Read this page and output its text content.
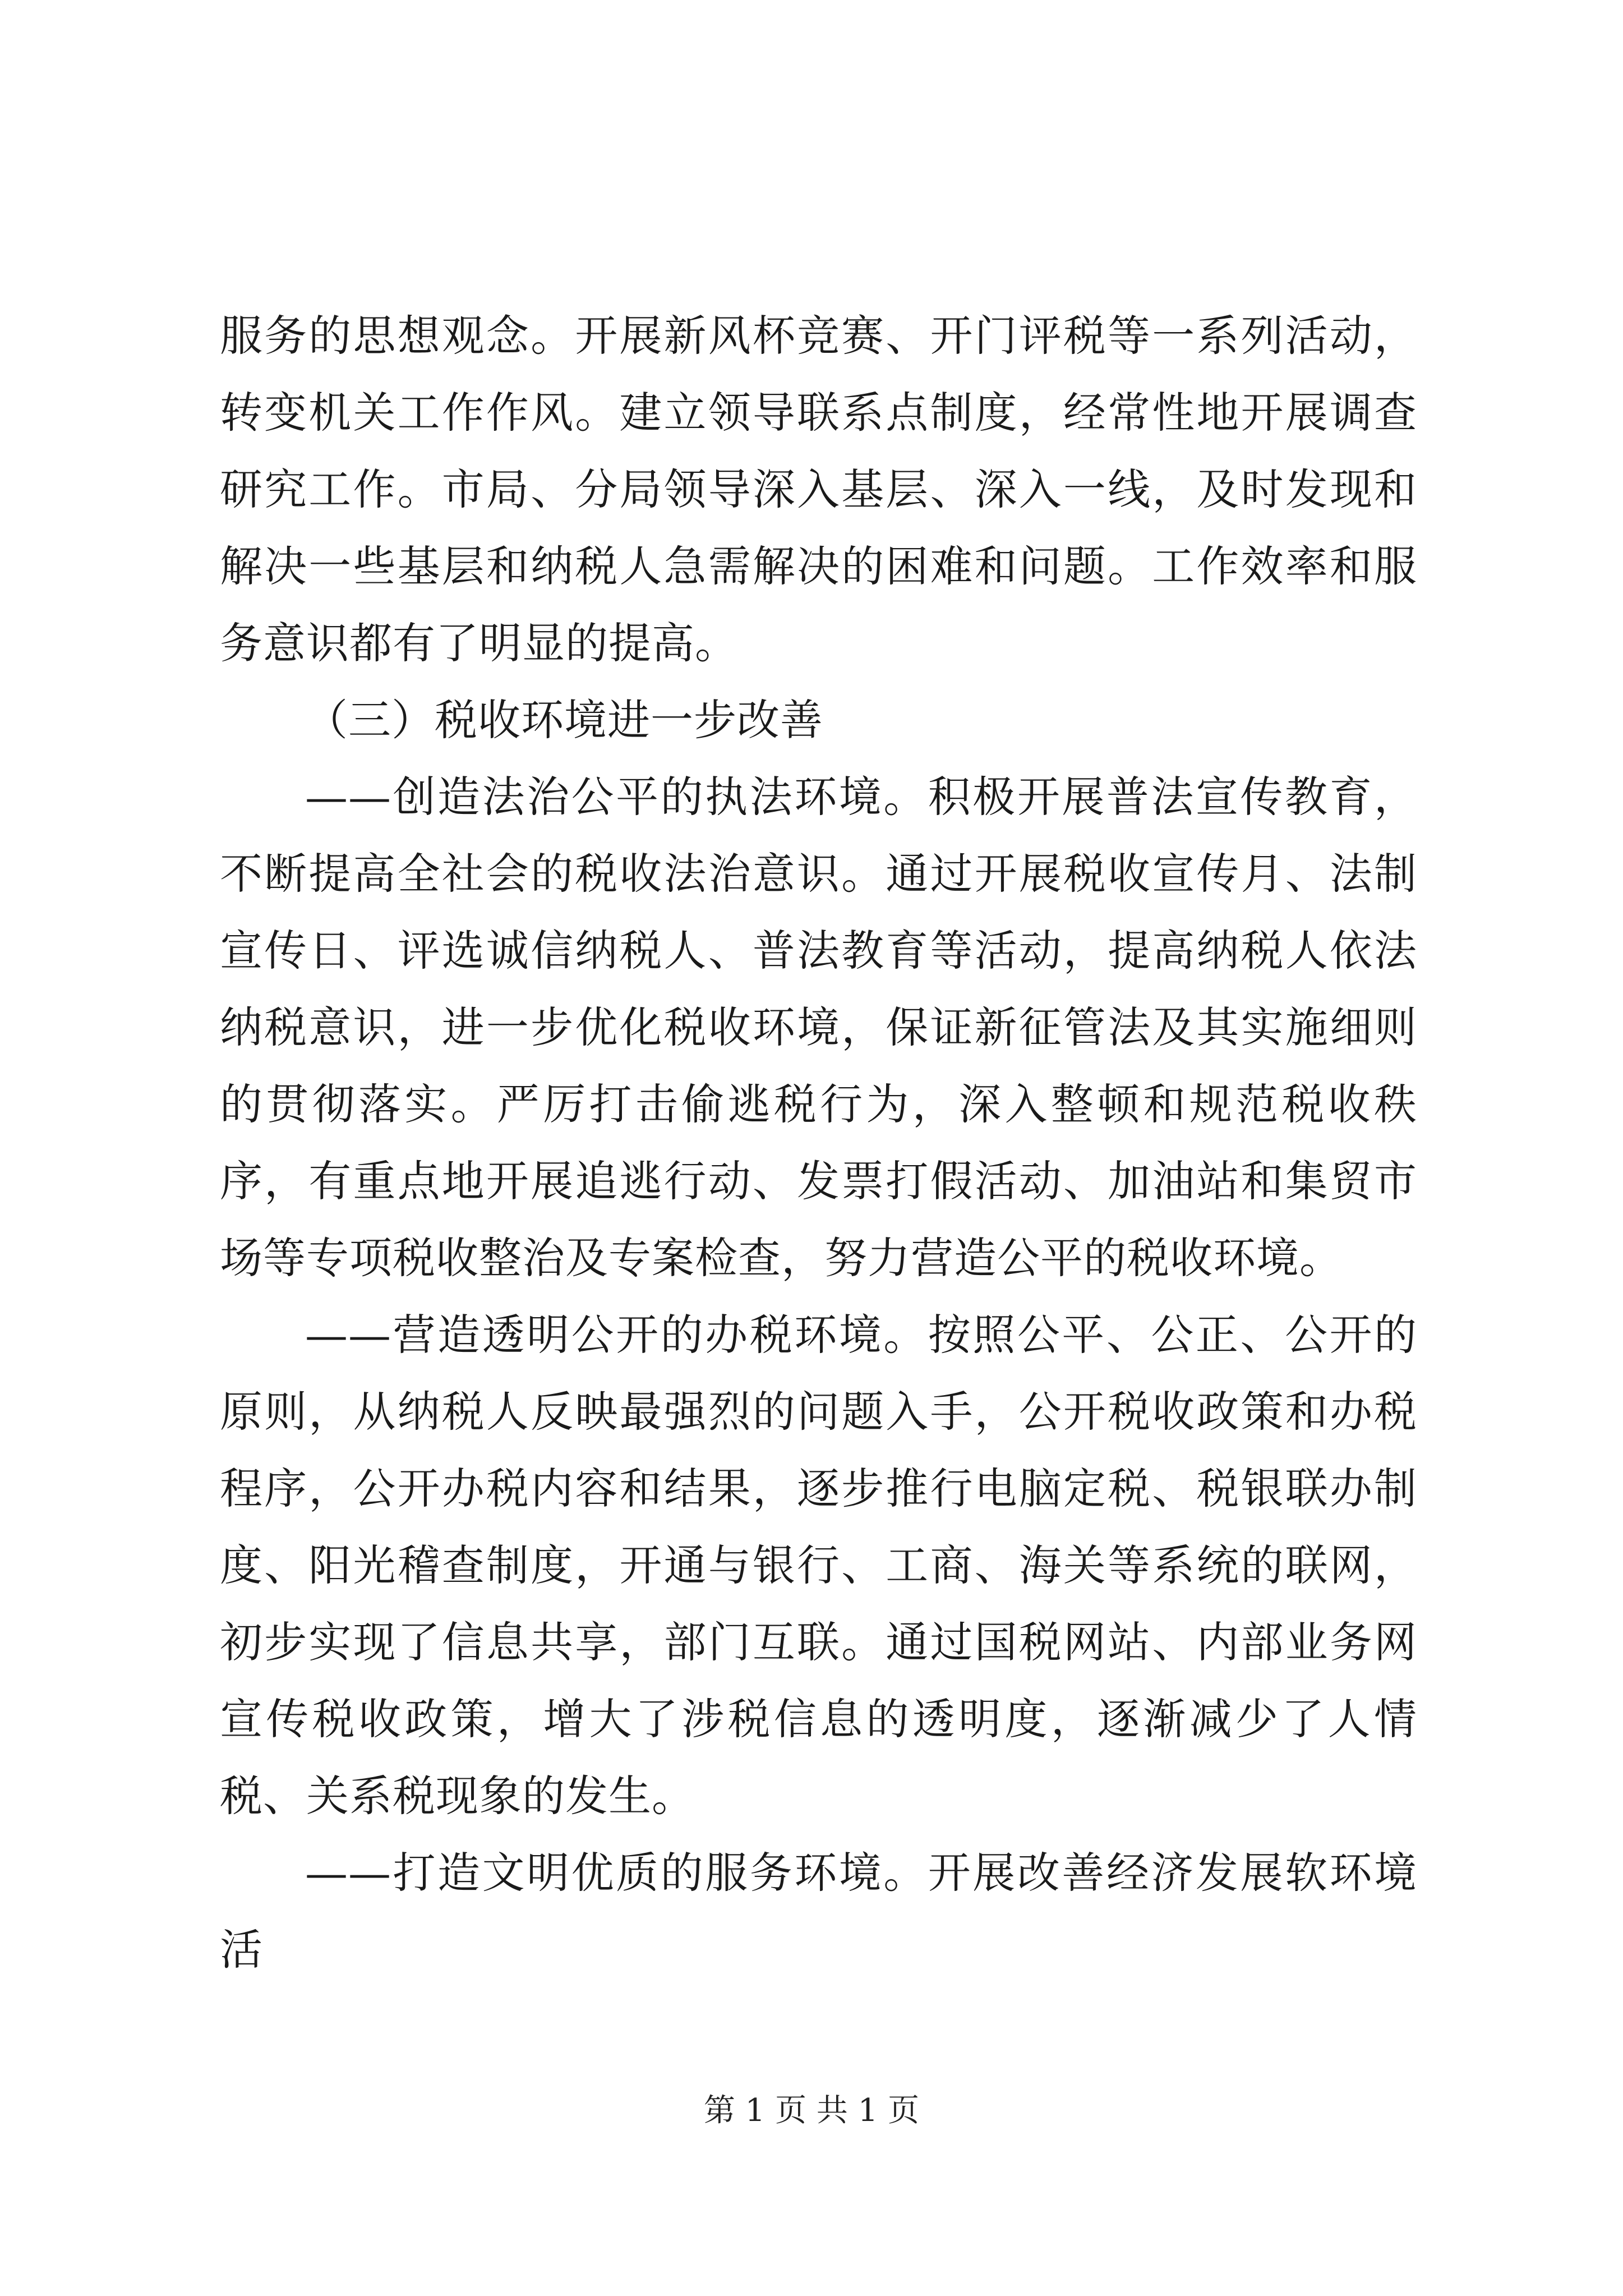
服务的思想观念。开展新风杯竞赛、开门评税等一系列活动，转变机关工作作风。建立领导联系点制度，经常性地开展调查研究工作。市局、分局领导深入基层、深入一线，及时发现和解决一些基层和纳税人急需解决的困难和问题。工作效率和服务意识都有了明显的提高。

（三）税收环境进一步改善

——创造法治公平的执法环境。积极开展普法宣传教育，不断提高全社会的税收法治意识。通过开展税收宣传月、法制宣传日、评选诚信纳税人、普法教育等活动，提高纳税人依法纳税意识，进一步优化税收环境，保证新征管法及其实施细则的贯彻落实。严厉打击偷逃税行为，深入整顿和规范税收秩序，有重点地开展追逃行动、发票打假活动、加油站和集贸市场等专项税收整治及专案检查，努力营造公平的税收环境。

——营造透明公开的办税环境。按照公平、公正、公开的原则，从纳税人反映最强烈的问题入手，公开税收政策和办税程序，公开办税内容和结果，逐步推行电脑定税、税银联办制度、阳光稽查制度，开通与银行、工商、海关等系统的联网，初步实现了信息共享，部门互联。通过国税网站、内部业务网宣传税收政策，增大了涉税信息的透明度，逐渐减少了人情税、关系税现象的发生。

——打造文明优质的服务环境。开展改善经济发展软环境活

第 1 页 共 1 页
